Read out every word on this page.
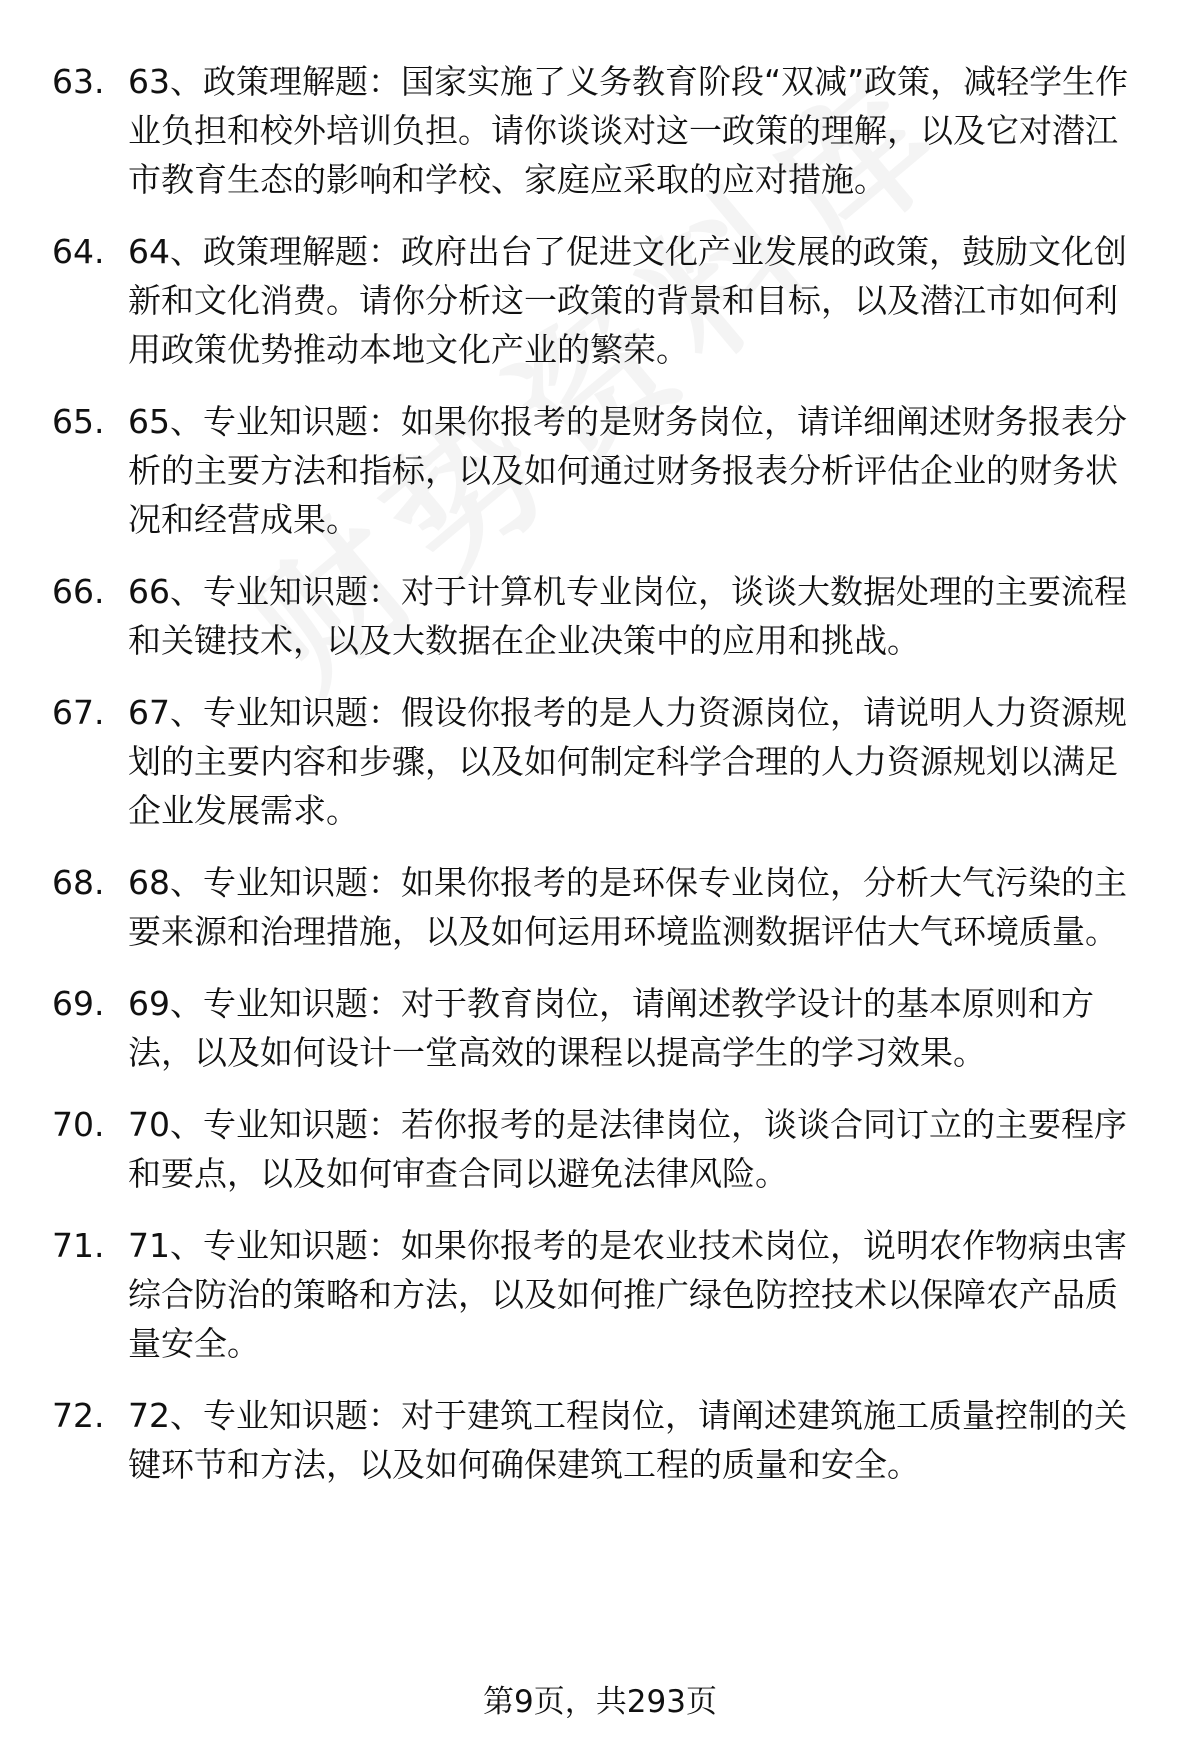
63. 63、政策理解题：国家实施了义务教育阶段“双减”政策，减轻学生作业负担和校外培训负担。请你谈谈对这一政策的理解，以及它对潜江市教育生态的影响和学校、家庭应采取的应对措施。
64. 64、政策理解题：政府出台了促进文化产业发展的政策，鼓励文化创新和文化消费。请你分析这一政策的背景和目标，以及潜江市如何利用政策优势推动本地文化产业的繁荣。
65. 65、专业知识题：如果你报考的是财务岗位，请详细阐述财务报表分析的主要方法和指标，以及如何通过财务报表分析评估企业的财务状况和经营成果。
66. 66、专业知识题：对于计算机专业岗位，谈谈大数据处理的主要流程和关键技术，以及大数据在企业决策中的应用和挑战。
67. 67、专业知识题：假设你报考的是人力资源岗位，请说明人力资源规划的主要内容和步骤，以及如何制定科学合理的人力资源规划以满足企业发展需求。
68. 68、专业知识题：如果你报考的是环保专业岗位，分析大气污染的主要来源和治理措施，以及如何运用环境监测数据评估大气环境质量。
69. 69、专业知识题：对于教育岗位，请阐述教学设计的基本原则和方法，以及如何设计一堂高效的课程以提高学生的学习效果。
70. 70、专业知识题：若你报考的是法律岗位，谈谈合同订立的主要程序和要点，以及如何审查合同以避免法律风险。
71. 71、专业知识题：如果你报考的是农业技术岗位，说明农作物病虫害综合防治的策略和方法，以及如何推广绿色防控技术以保障农产品质量安全。
72. 72、专业知识题：对于建筑工程岗位，请阐述建筑施工质量控制的关键环节和方法，以及如何确保建筑工程的质量和安全。
第9页，共293页
